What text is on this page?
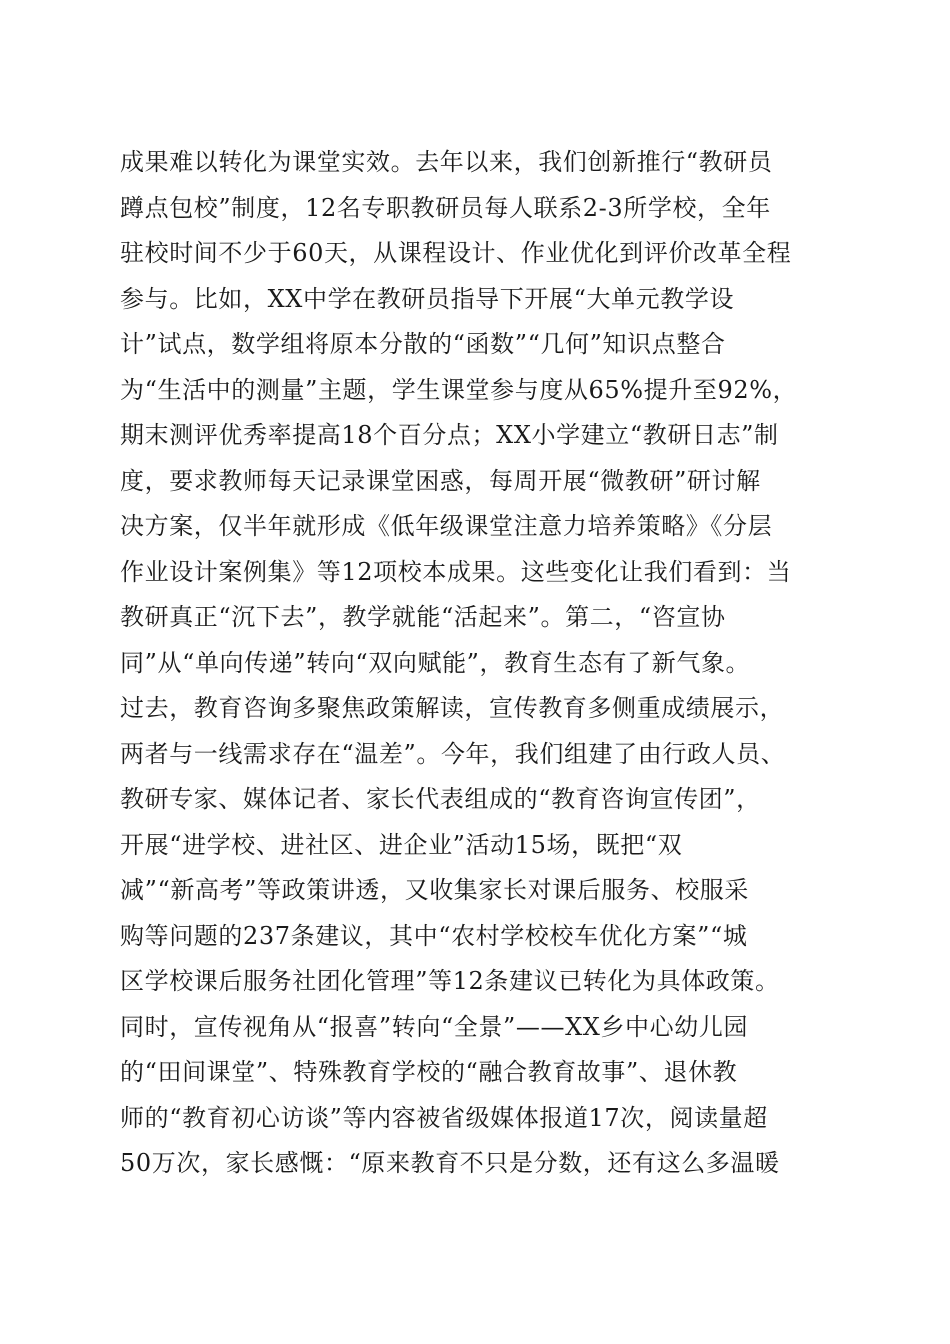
成果难以转化为课堂实效。去年以来，我们创新推行“教研员
蹲点包校”制度，12名专职教研员每人联系2-3所学校，全年
驻校时间不少于60天，从课程设计、作业优化到评价改革全程
参与。比如，XX中学在教研员指导下开展“大单元教学设
计”试点，数学组将原本分散的“函数”“几何”知识点整合
为“生活中的测量”主题，学生课堂参与度从65%提升至92%，
期末测评优秀率提高18个百分点；XX小学建立“教研日志”制
度，要求教师每天记录课堂困惑，每周开展“微教研”研讨解
决方案，仅半年就形成《低年级课堂注意力培养策略》《分层
作业设计案例集》等12项校本成果。这些变化让我们看到：当
教研真正“沉下去”，教学就能“活起来”。第二，“咨宣协
同”从“单向传递”转向“双向赋能”，教育生态有了新气象。
过去，教育咨询多聚焦政策解读，宣传教育多侧重成绩展示，
两者与一线需求存在“温差”。今年，我们组建了由行政人员、
教研专家、媒体记者、家长代表组成的“教育咨询宣传团”，
开展“进学校、进社区、进企业”活动15场，既把“双
减”“新高考”等政策讲透，又收集家长对课后服务、校服采
购等问题的237条建议，其中“农村学校校车优化方案”“城
区学校课后服务社团化管理”等12条建议已转化为具体政策。
同时，宣传视角从“报喜”转向“全景”——XX乡中心幼儿园
的“田间课堂”、特殊教育学校的“融合教育故事”、退休教
师的“教育初心访谈”等内容被省级媒体报道17次，阅读量超
50万次，家长感慨：“原来教育不只是分数，还有这么多温暖
